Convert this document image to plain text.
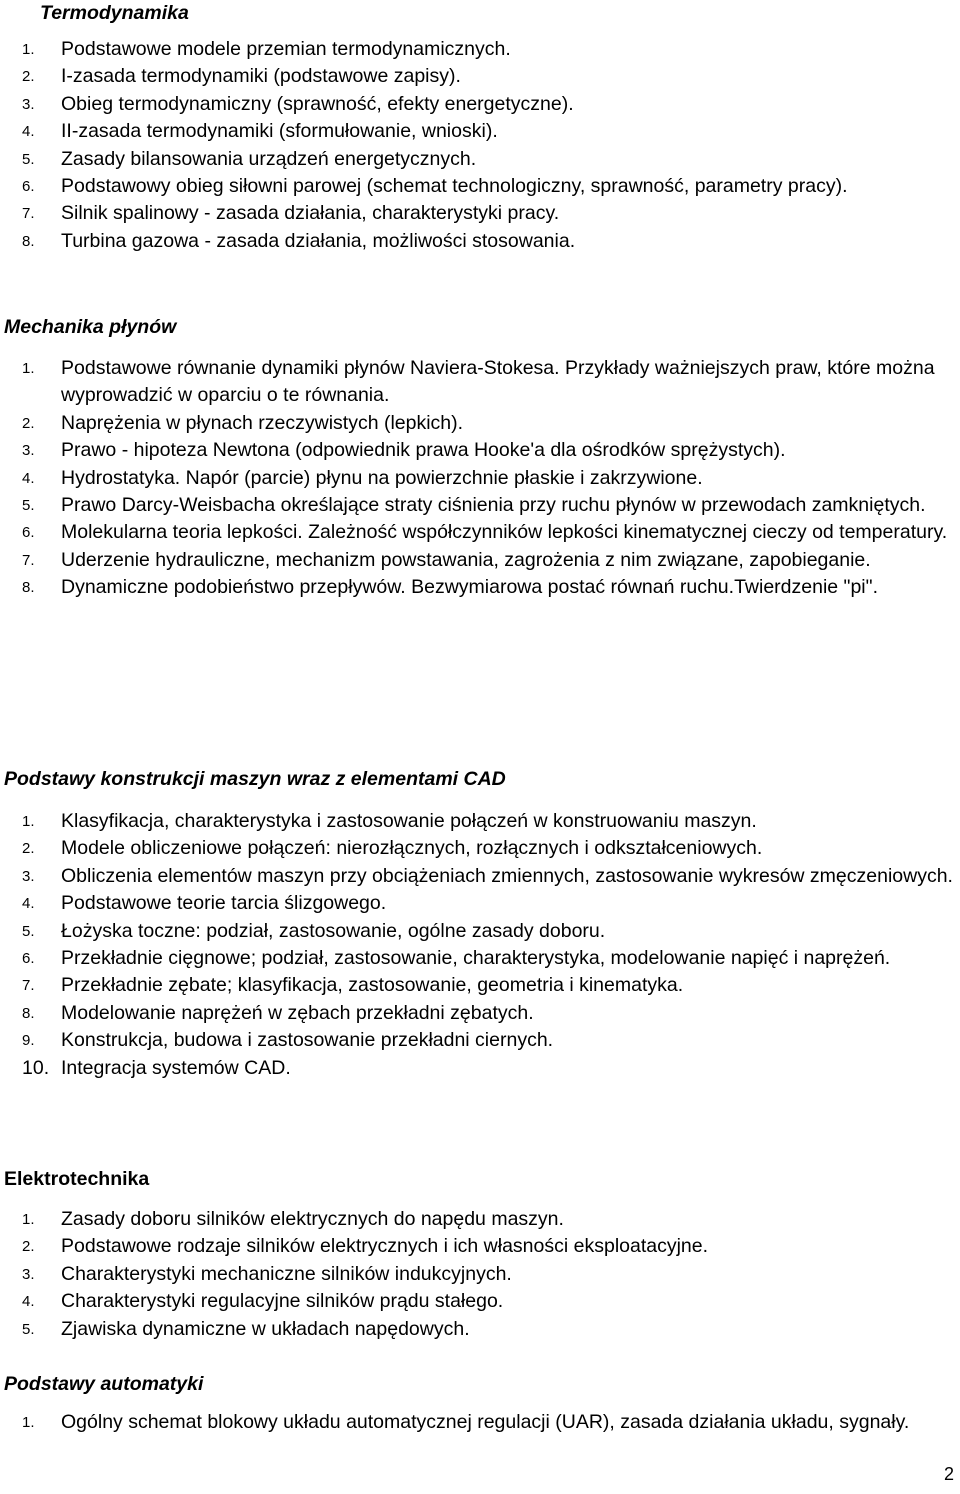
Termodynamika
1.	Podstawowe modele przemian termodynamicznych.
2.	I-zasada termodynamiki (podstawowe zapisy).
3.	Obieg termodynamiczny (sprawność, efekty energetyczne).
4.	II-zasada termodynamiki (sformułowanie, wnioski).
5.	Zasady bilansowania urządzeń energetycznych.
6.	Podstawowy obieg siłowni parowej (schemat technologiczny, sprawność, parametry pracy).
7.	Silnik spalinowy - zasada działania, charakterystyki pracy.
8.	Turbina gazowa - zasada działania, możliwości stosowania.
Mechanika płynów
1.	Podstawowe równanie dynamiki płynów Naviera-Stokesa. Przykłady ważniejszych praw, które można wyprowadzić w oparciu o te równania.
2.	Naprężenia w płynach rzeczywistych (lepkich).
3.	Prawo - hipoteza Newtona (odpowiednik prawa Hooke'a dla ośrodków sprężystych).
4.	Hydrostatyka. Napór (parcie) płynu na powierzchnie płaskie i zakrzywione.
5.	Prawo Darcy-Weisbacha określające straty ciśnienia przy ruchu płynów w przewodach zamkniętych.
6.	Molekularna teoria lepkości. Zależność współczynników lepkości kinematycznej cieczy od temperatury.
7.	Uderzenie hydrauliczne, mechanizm powstawania, zagrożenia z nim związane, zapobieganie.
8.	Dynamiczne podobieństwo przepływów. Bezwymiarowa postać równań ruchu.Twierdzenie "pi".
Podstawy konstrukcji maszyn wraz z elementami CAD
1.	Klasyfikacja, charakterystyka i zastosowanie połączeń w konstruowaniu maszyn.
2.	Modele obliczeniowe połączeń: nierozłącznych, rozłącznych i odkształceniowych.
3.	Obliczenia elementów maszyn przy obciążeniach zmiennych, zastosowanie wykresów zmęczeniowych.
4.	Podstawowe teorie tarcia ślizgowego.
5.	Łożyska toczne: podział, zastosowanie, ogólne zasady doboru.
6.	Przekładnie cięgnowe; podział, zastosowanie, charakterystyka, modelowanie napięć i naprężeń.
7.	Przekładnie zębate; klasyfikacja, zastosowanie, geometria i kinematyka.
8.	Modelowanie naprężeń w zębach przekładni zębatych.
9.	Konstrukcja, budowa i zastosowanie przekładni ciernych.
10. Integracja systemów CAD.
Elektrotechnika
1.	Zasady doboru silników elektrycznych do napędu maszyn.
2.	Podstawowe rodzaje silników elektrycznych i ich własności eksploatacyjne.
3.	Charakterystyki mechaniczne silników indukcyjnych.
4.	Charakterystyki regulacyjne silników prądu stałego.
5.	Zjawiska dynamiczne w układach napędowych.
Podstawy automatyki
1.	Ogólny schemat blokowy układu automatycznej regulacji (UAR), zasada działania układu, sygnały.
2
